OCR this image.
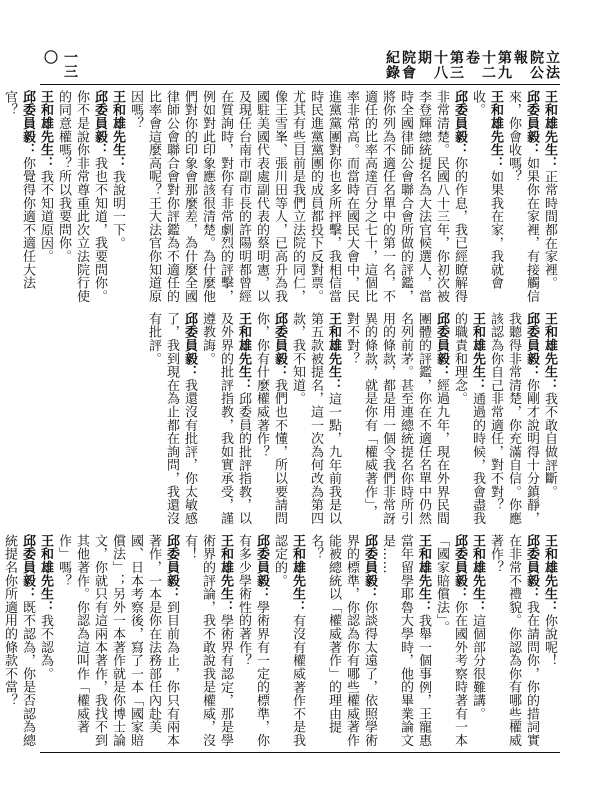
立法院公報　第九十二卷　第三十八期　院會紀錄
一三〇
王和雄先生：正常時間都在家裡。
邱委員毅：如果你在家裡，有接觸信來，你會收嗎？
王和雄先生：如果我在家，我就會收。
邱委員毅：你的作息，我已經瞭解得非常清楚。民國八十三年，你初次被李登輝總統提名為大法官候選人，當時全國律師公會聯合會所做的評鑑，將你列為不適任名單中的第一名，不適任的比率高達百分之七十，這個比率非常高。而當時在國民大會中，民進黨黨團對你也多所抨擊，我相信當時民進黨黨團的成員都投下反對票。尤其有些目前是我們立法院的同仁，像王雪峯、張川田等人，已高升為我國駐美國代表處副代表的蔡明憲，以及現任台南市副市長的許陽明都曾經在質詢時，對你有非常劇烈的評擊，例如對此印象應該很清楚。為什麼他們對你的印象會那麼差，為什麼全國律師公會聯合會對你評鑑為不適任的比率會這麼高呢？王大法官你知道原因嗎？
王和雄先生：我說明一下。
邱委員毅：我也不知道，我要問你。你不是說你非常尊重此次立法院行使的同意權嗎？所以我要問你。
王和雄先生：我不知道原因。
邱委員毅：你覺得你適不適任大法官？
王和雄先生：我不敢自做評斷。
邱委員毅：你剛才說明得十分鎮靜，我聽得非常清楚，你充滿自信。你應該認為你自己非常適任，對不對？
王和雄先生：通過的時候，我會盡我的職責和理念。
邱委員毅：經過九年，現在外界民間團體的評鑑，你在不適任名單中仍然名列前茅。甚至連總統提名你時所引用的條款，都是用一個令我們非常訝異的條款，就是你有「權威著作」，對不對？
王和雄先生：這一點，九年前我是以第五款被提名，這一次為何改為第四款，我不知道。
邱委員毅：我們也不懂，所以要請問你，你有什麼權威著作？
王和雄先生：邱委員的批評指教，以及外界的批評指教，我如實承受，謹遵教誨。
邱委員毅：我還沒有批評，你太敏感了，我到現在為止都在詢問，我還沒有批評。
王和雄先生：你說呢！
邱委員毅：我在請問你，你的措詞實在非常不禮貌。你認為你有哪些權威著作？
王和雄先生：這個部分很難講。
邱委員毅：你在國外考察時著有一本「國家賠償法」。
王和雄先生：我舉一個事例，王寵惠當年留學耶魯大學時，他的畢業論文是……
邱委員毅：你談得太遠了，依照學術界的標準，你認為你有哪些權威著作能被總統以「權威著作」的理由提名？
王和雄先生：有沒有權威著作不是我認定的。
邱委員毅：學術界有一定的標準，你有多少學術性的著作？
王和雄先生：學術界有認定，那是學術界的評論，我不敢說我是權威，沒有！
邱委員毅：到目前為止，你只有兩本著作，一本是你在法務部任內赴美國、日本考察後，寫了一本「國家賠償法」；另外一本著作就是你博士論文，你就只有這兩本著作，我找不到其他著作。你認為這叫作「權威著作」嗎？
王和雄先生：我不認為。
邱委員毅：既不認為，你是否認為總統提名你所適用的條款不當？
